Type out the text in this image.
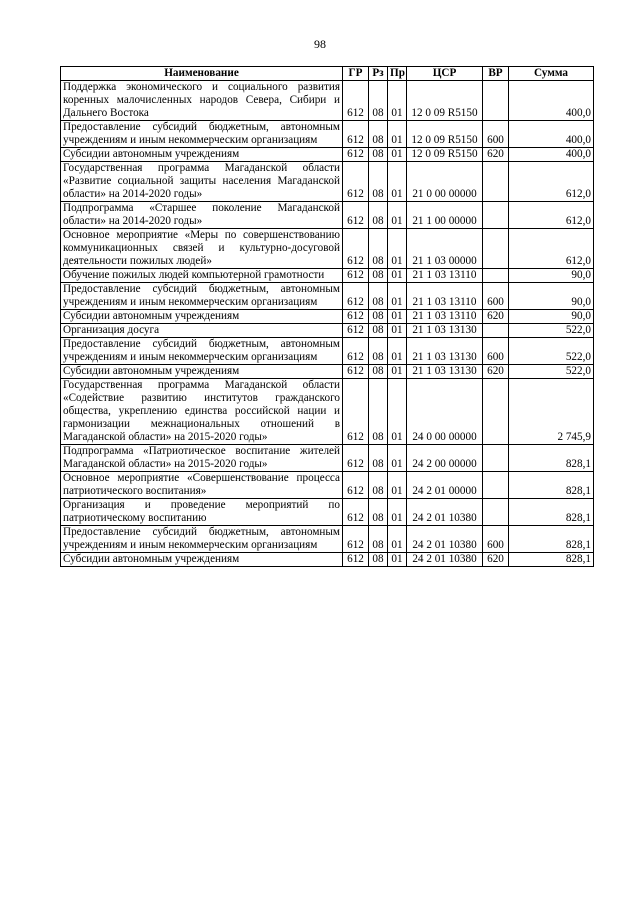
98
Наименование	ГР	Рз	Пр	ЦСР	ВР	Сумма
Поддержка экономического и социального развития коренных малочисленных народов Севера, Сибири и Дальнего Востока	612	08	01	12 0 09 R5150		400,0
Предоставление субсидий бюджетным, автономным учреждениям и иным некоммерческим организациям	612	08	01	12 0 09 R5150	600	400,0
Субсидии автономным учреждениям	612	08	01	12 0 09 R5150	620	400,0
Государственная программа Магаданской области «Развитие социальной защиты населения Магаданской области» на 2014-2020 годы»	612	08	01	21 0 00 00000		612,0
Подпрограмма «Старшее поколение Магаданской области» на 2014-2020 годы»	612	08	01	21 1 00 00000		612,0
Основное мероприятие «Меры по совершенствованию коммуникационных связей и культурно-досуговой деятельности пожилых людей»	612	08	01	21 1 03 00000		612,0
Обучение пожилых людей компьютерной грамотности	612	08	01	21 1 03 13110		90,0
Предоставление субсидий бюджетным, автономным учреждениям и иным некоммерческим организациям	612	08	01	21 1 03 13110	600	90,0
Субсидии автономным учреждениям	612	08	01	21 1 03 13110	620	90,0
Организация досуга	612	08	01	21 1 03 13130		522,0
Предоставление субсидий бюджетным, автономным учреждениям и иным некоммерческим организациям	612	08	01	21 1 03 13130	600	522,0
Субсидии автономным учреждениям	612	08	01	21 1 03 13130	620	522,0
Государственная программа Магаданской области «Содействие развитию институтов гражданского общества, укреплению единства российской нации и гармонизации межнациональных отношений в Магаданской области» на 2015-2020 годы»	612	08	01	24 0 00 00000		2 745,9
Подпрограмма «Патриотическое воспитание жителей Магаданской области» на 2015-2020 годы»	612	08	01	24 2 00 00000		828,1
Основное мероприятие «Совершенствование процесса патриотического воспитания»	612	08	01	24 2 01 00000		828,1
Организация и проведение мероприятий по патриотическому воспитанию	612	08	01	24 2 01 10380		828,1
Предоставление субсидий бюджетным, автономным учреждениям и иным некоммерческим организациям	612	08	01	24 2 01 10380	600	828,1
Субсидии автономным учреждениям	612	08	01	24 2 01 10380	620	828,1
